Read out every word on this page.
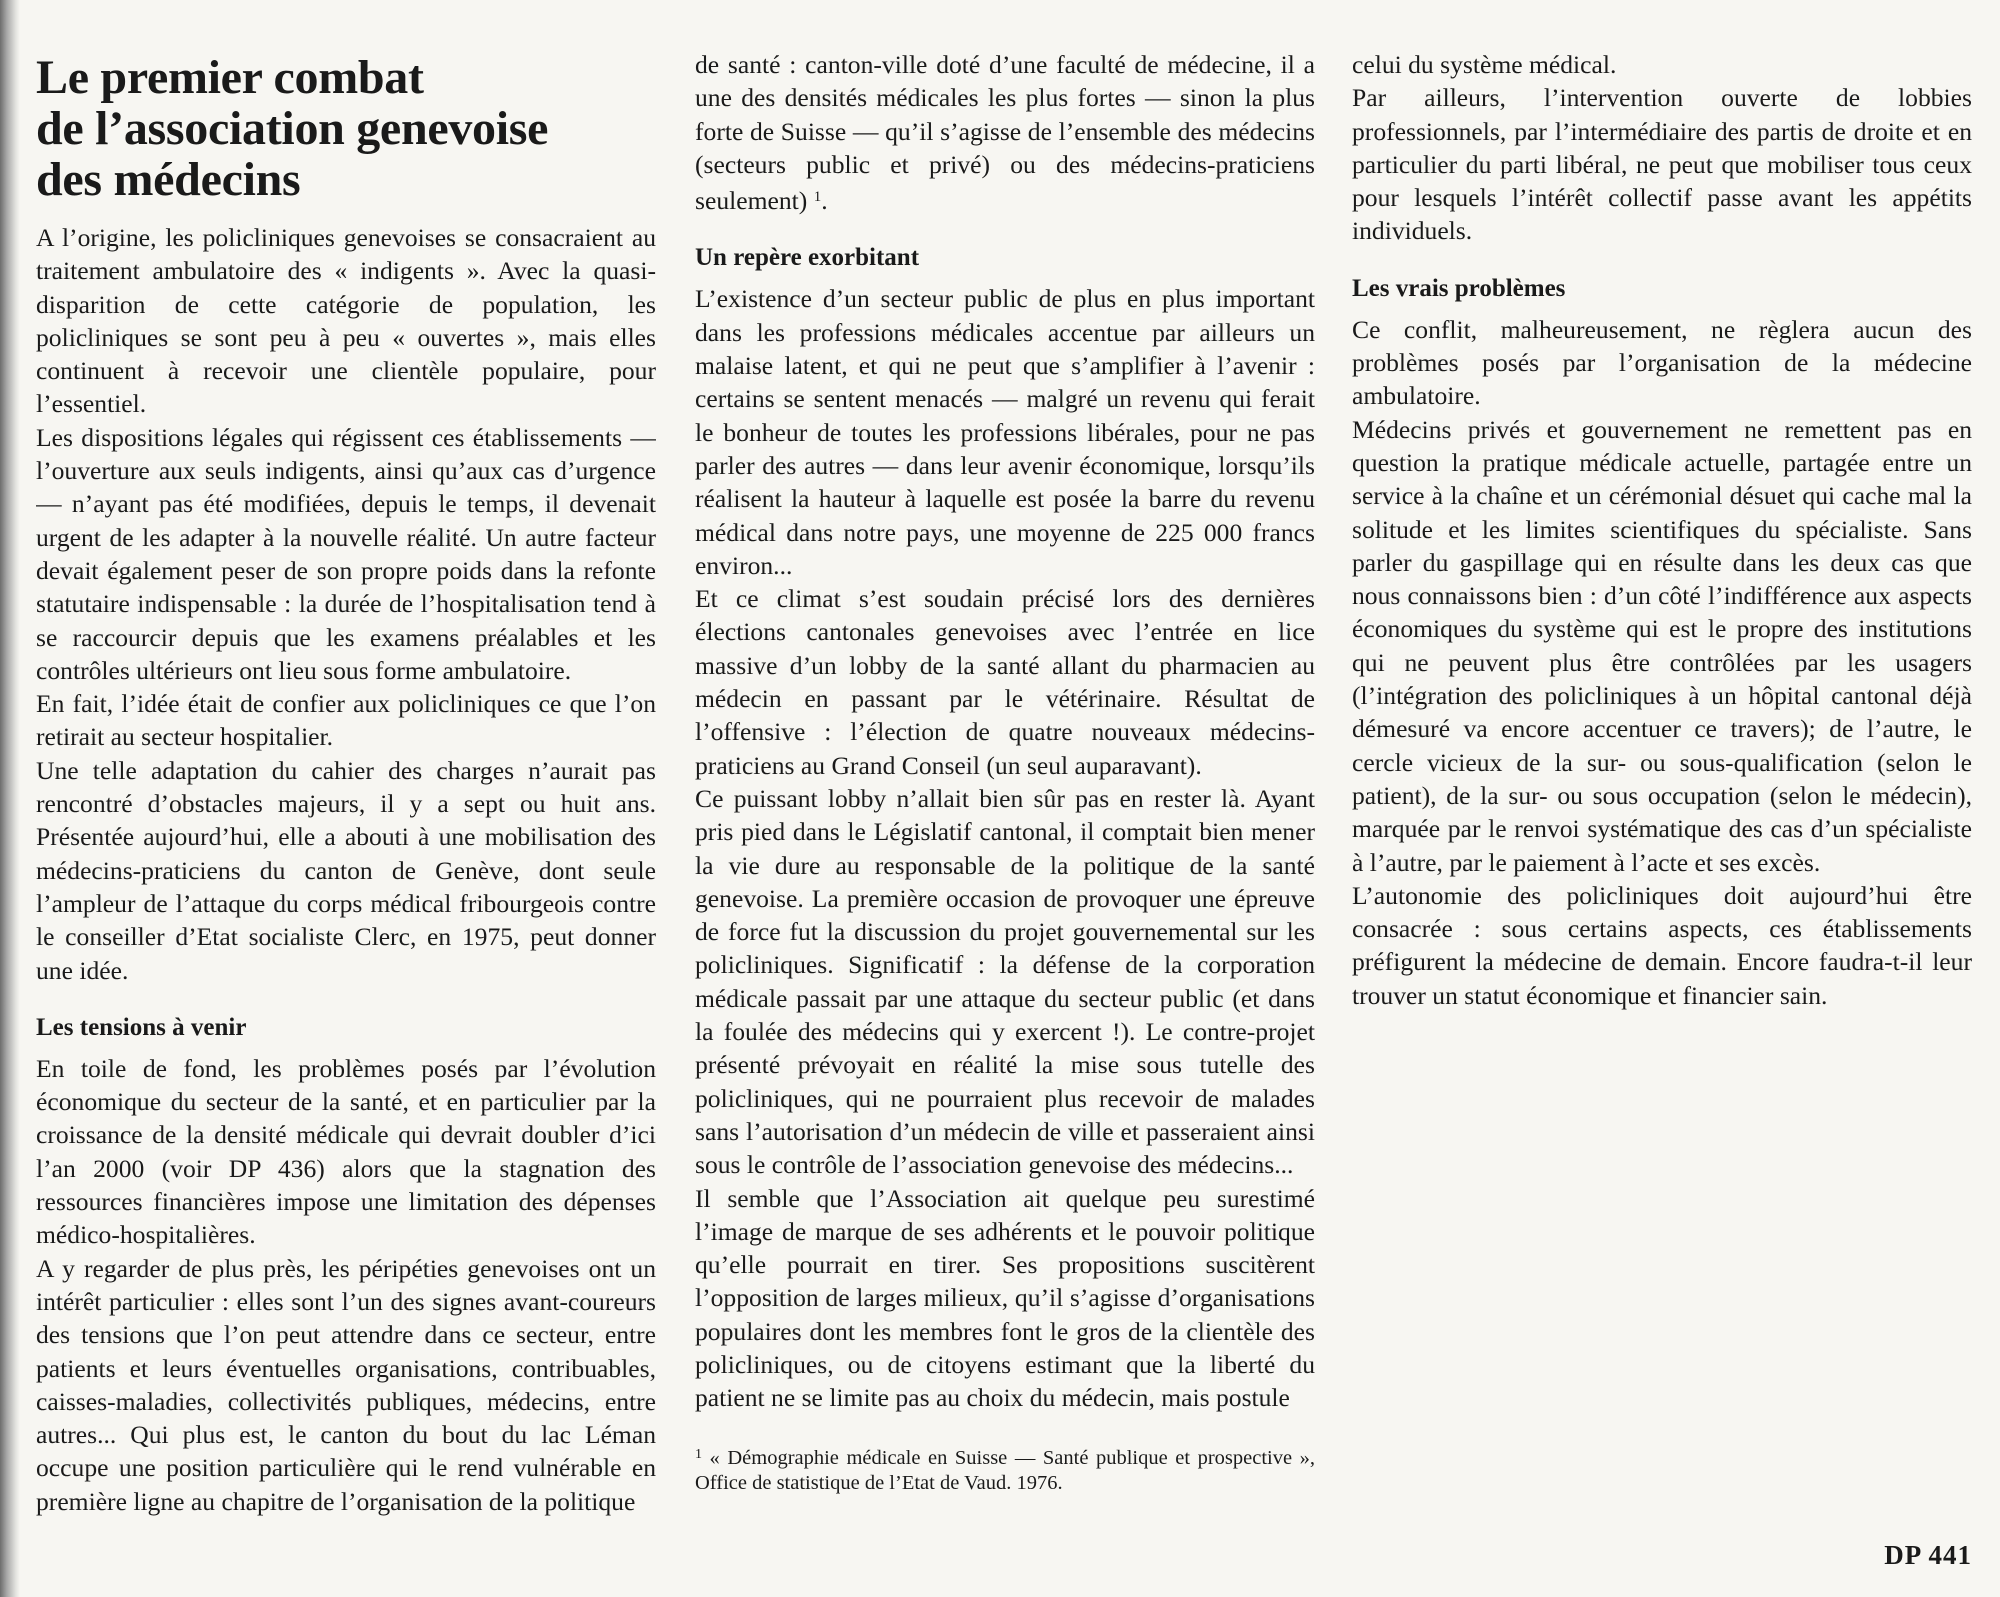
Le premier combat
de l’association genevoise
des médecins

A l’origine, les policliniques genevoises se consacraient au traitement ambulatoire des « indigents ». Avec la quasi-disparition de cette catégorie de population, les policliniques se sont peu à peu « ouvertes », mais elles continuent à recevoir une clientèle populaire, pour l’essentiel.

Les dispositions légales qui régissent ces établissements — l’ouverture aux seuls indigents, ainsi qu’aux cas d’urgence — n’ayant pas été modifiées, depuis le temps, il devenait urgent de les adapter à la nouvelle réalité. Un autre facteur devait également peser de son propre poids dans la refonte statutaire indispensable : la durée de l’hospitalisation tend à se raccourcir depuis que les examens préalables et les contrôles ultérieurs ont lieu sous forme ambulatoire.

En fait, l’idée était de confier aux policliniques ce que l’on retirait au secteur hospitalier.

Une telle adaptation du cahier des charges n’aurait pas rencontré d’obstacles majeurs, il y a sept ou huit ans. Présentée aujourd’hui, elle a abouti à une mobilisation des médecins-praticiens du canton de Genève, dont seule l’ampleur de l’attaque du corps médical fribourgeois contre le conseiller d’Etat socialiste Clerc, en 1975, peut donner une idée.

Les tensions à venir

En toile de fond, les problèmes posés par l’évolution économique du secteur de la santé, et en particulier par la croissance de la densité médicale qui devrait doubler d’ici l’an 2000 (voir DP 436) alors que la stagnation des ressources financières impose une limitation des dépenses médico-hospitalières.

A y regarder de plus près, les péripéties genevoises ont un intérêt particulier : elles sont l’un des signes avant-coureurs des tensions que l’on peut attendre dans ce secteur, entre patients et leurs éventuelles organisations, contribuables, caisses-maladies, collectivités publiques, médecins, entre autres... Qui plus est, le canton du bout du lac Léman occupe une position particulière qui le rend vulnérable en première ligne au chapitre de l’organisation de la politique

de santé : canton-ville doté d’une faculté de médecine, il a une des densités médicales les plus fortes — sinon la plus forte de Suisse — qu’il s’agisse de l’ensemble des médecins (secteurs public et privé) ou des médecins-praticiens seulement) $^1$.

Un repère exorbitant

L’existence d’un secteur public de plus en plus important dans les professions médicales accentue par ailleurs un malaise latent, et qui ne peut que s’amplifier à l’avenir : certains se sentent menacés — malgré un revenu qui ferait le bonheur de toutes les professions libérales, pour ne pas parler des autres — dans leur avenir économique, lorsqu’ils réalisent la hauteur à laquelle est posée la barre du revenu médical dans notre pays, une moyenne de 225 000 francs environ...

Et ce climat s’est soudain précisé lors des dernières élections cantonales genevoises avec l’entrée en lice massive d’un lobby de la santé allant du pharmacien au médecin en passant par le vétérinaire. Résultat de l’offensive : l’élection de quatre nouveaux médecins-praticiens au Grand Conseil (un seul auparavant).

Ce puissant lobby n’allait bien sûr pas en rester là. Ayant pris pied dans le Législatif cantonal, il comptait bien mener la vie dure au responsable de la politique de la santé genevoise. La première occasion de provoquer une épreuve de force fut la discussion du projet gouvernemental sur les policliniques. Significatif : la défense de la corporation médicale passait par une attaque du secteur public (et dans la foulée des médecins qui y exercent !). Le contre-projet présenté prévoyait en réalité la mise sous tutelle des policliniques, qui ne pourraient plus recevoir de malades sans l’autorisation d’un médecin de ville et passeraient ainsi sous le contrôle de l’association genevoise des médecins...

Il semble que l’Association ait quelque peu surestimé l’image de marque de ses adhérents et le pouvoir politique qu’elle pourrait en tirer. Ses propositions suscitèrent l’opposition de larges milieux, qu’il s’agisse d’organisations populaires dont les membres font le gros de la clientèle des policliniques, ou de citoyens estimant que la liberté du patient ne se limite pas au choix du médecin, mais postule

celui du système médical.

Par ailleurs, l’intervention ouverte de lobbies professionnels, par l’intermédiaire des partis de droite et en particulier du parti libéral, ne peut que mobiliser tous ceux pour lesquels l’intérêt collectif passe avant les appétits individuels.

Les vrais problèmes

Ce conflit, malheureusement, ne règlera aucun des problèmes posés par l’organisation de la médecine ambulatoire.

Médecins privés et gouvernement ne remettent pas en question la pratique médicale actuelle, partagée entre un service à la chaîne et un cérémonial désuet qui cache mal la solitude et les limites scientifiques du spécialiste. Sans parler du gaspillage qui en résulte dans les deux cas que nous connaissons bien : d’un côté l’indifférence aux aspects économiques du système qui est le propre des institutions qui ne peuvent plus être contrôlées par les usagers (l’intégration des policliniques à un hôpital cantonal déjà démesuré va encore accentuer ce travers); de l’autre, le cercle vicieux de la sur- ou sous-qualification (selon le patient), de la sur- ou sous occupation (selon le médecin), marquée par le renvoi systématique des cas d’un spécialiste à l’autre, par le paiement à l’acte et ses excès.

L’autonomie des policliniques doit aujourd’hui être consacrée : sous certains aspects, ces établissements préfigurent la médecine de demain. Encore faudra-t-il leur trouver un statut économique et financier sain.

$^1$ « Démographie médicale en Suisse — Santé publique et prospective », Office de statistique de l’Etat de Vaud. 1976.
DP 441
